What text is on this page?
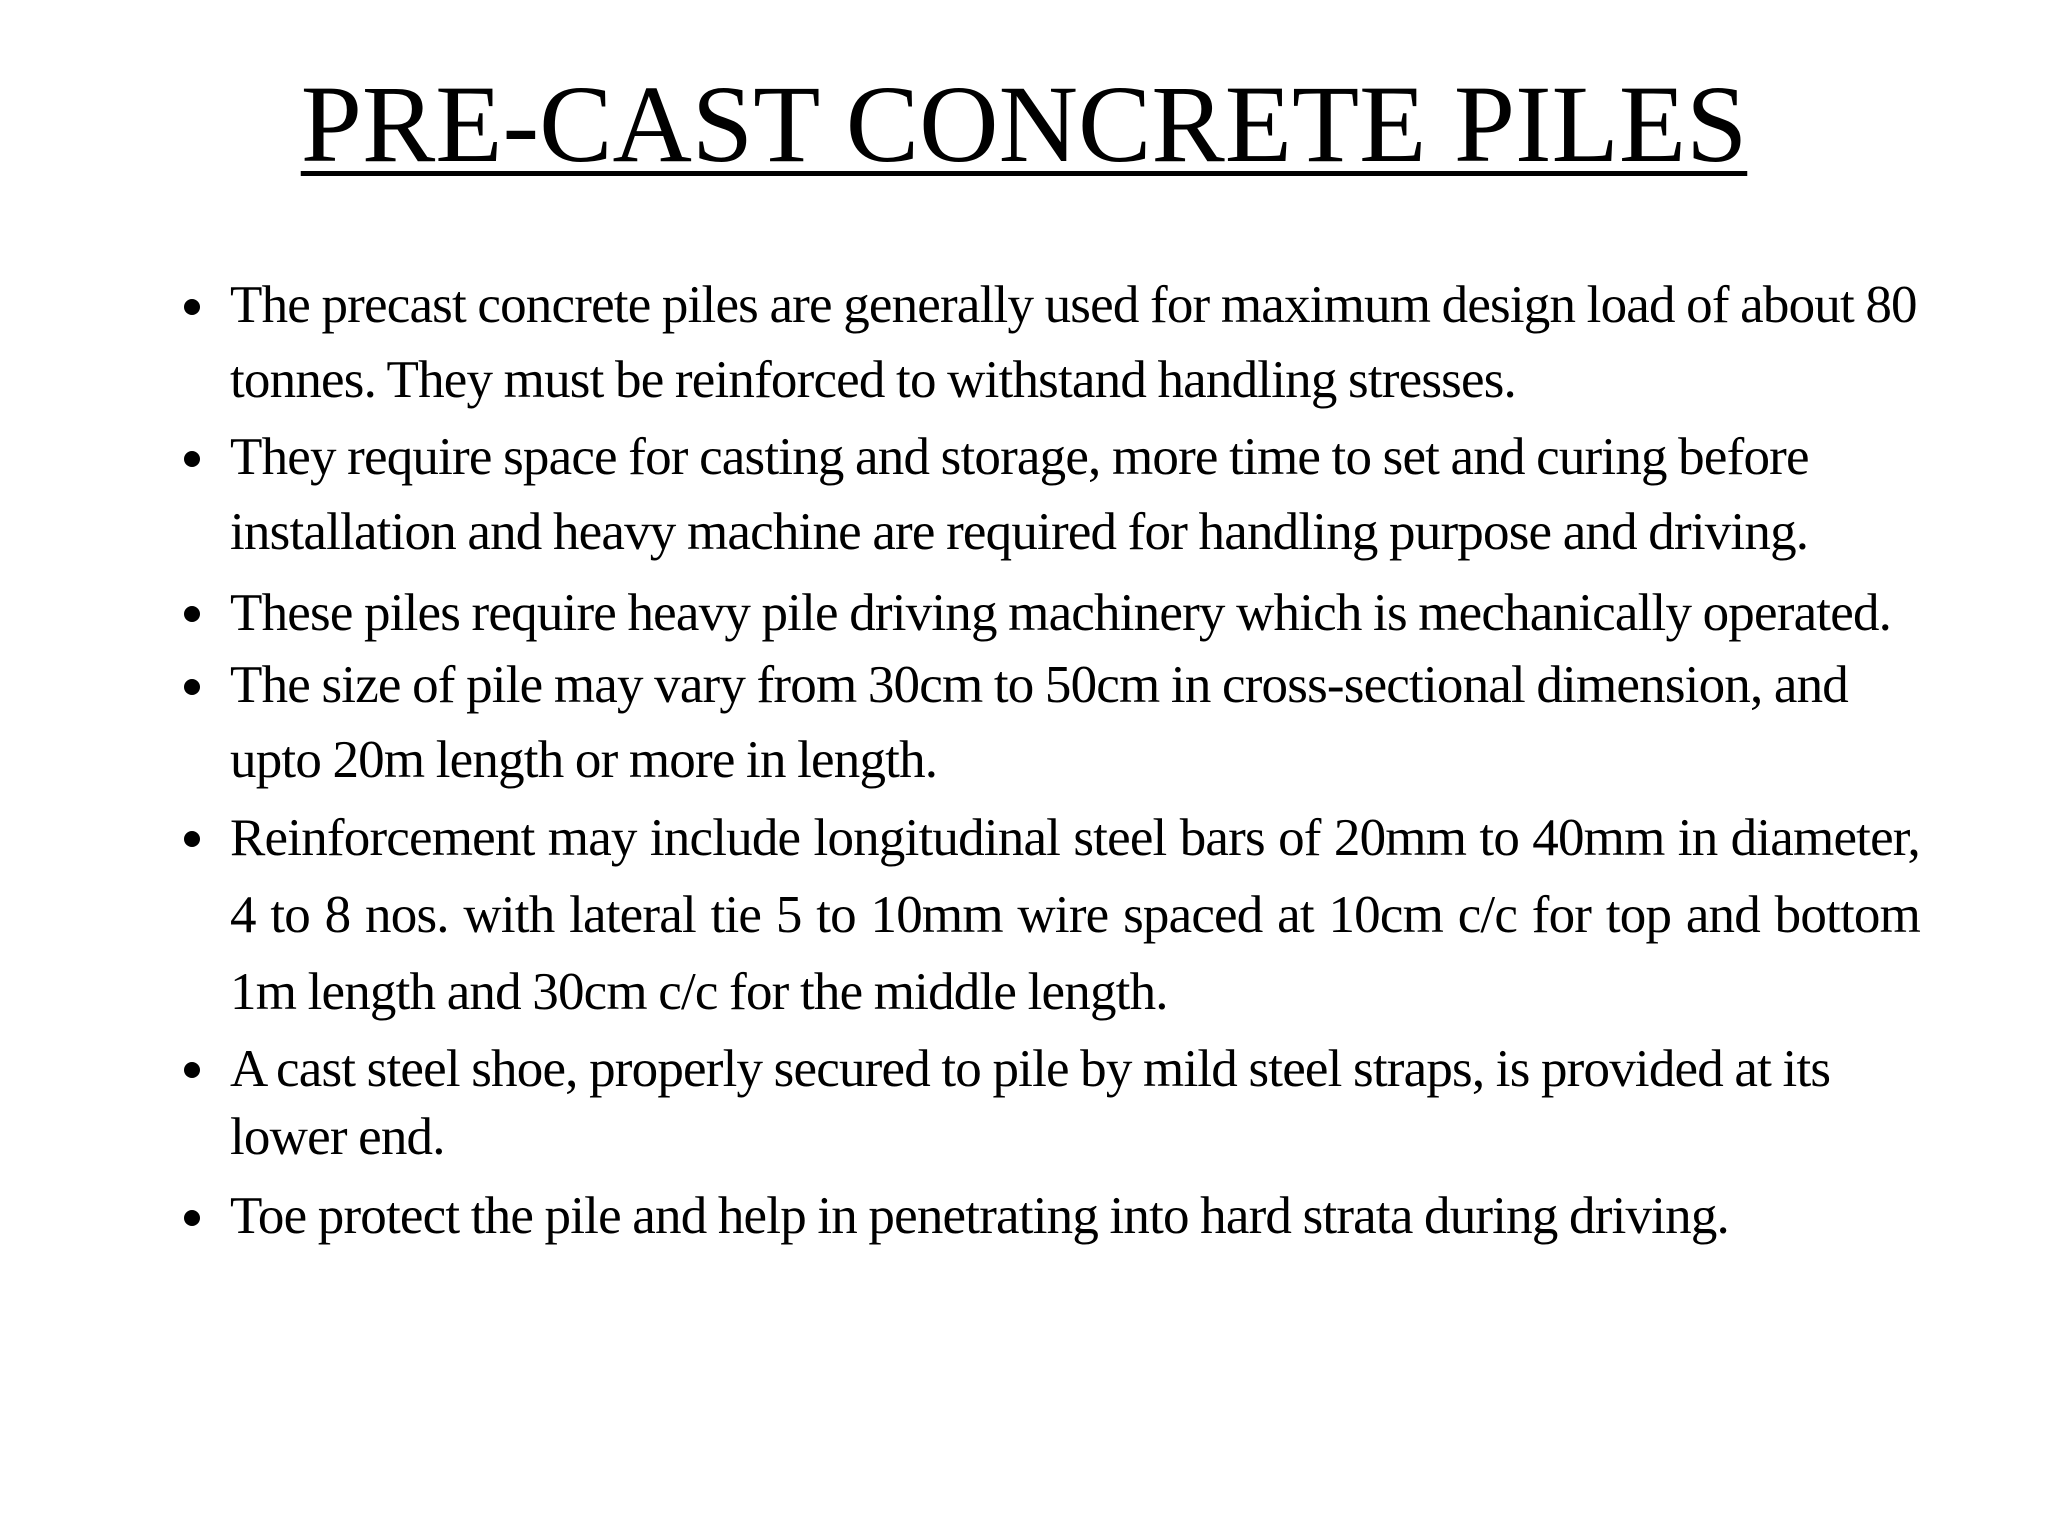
PRE-CAST CONCRETE PILES
The precast concrete piles are generally used for maximum design load of about 80 tonnes. They must be reinforced to withstand handling stresses.
They require space for casting and storage, more time to set and curing before installation and heavy machine are required for handling purpose and driving.
These piles require heavy pile driving machinery which is mechanically operated.
The size of pile may vary from 30cm to 50cm in cross-sectional dimension, and upto 20m length or more in length.
Reinforcement may include longitudinal steel bars of 20mm to 40mm in diameter, 4 to 8 nos. with lateral tie 5 to 10mm wire spaced at 10cm c/c for top and bottom 1m length and 30cm c/c for the middle length.
A cast steel shoe, properly secured to pile by mild steel straps, is provided at its lower end.
Toe protect the pile and help in penetrating into hard strata during driving.
